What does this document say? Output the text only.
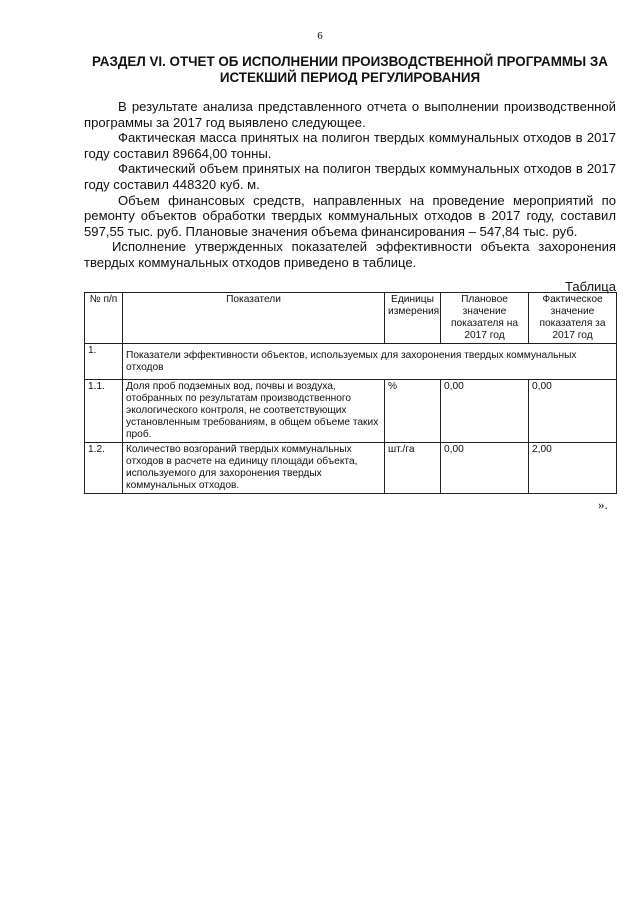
6
РАЗДЕЛ VI. ОТЧЕТ ОБ ИСПОЛНЕНИИ ПРОИЗВОДСТВЕННОЙ ПРОГРАММЫ ЗА ИСТЕКШИЙ ПЕРИОД РЕГУЛИРОВАНИЯ

В результате анализа представленного отчета о выполнении производственной программы за 2017 год выявлено следующее.

Фактическая масса принятых на полигон твердых коммунальных отходов в 2017 году составил 89664,00 тонны.

Фактический объем принятых на полигон твердых коммунальных отходов в 2017 году составил 448320 куб. м.

Объем финансовых средств, направленных на проведение мероприятий по ремонту объектов обработки твердых коммунальных отходов в 2017 году, составил 597,55 тыс. руб. Плановые значения объема финансирования – 547,84 тыс. руб.

Исполнение утвержденных показателей эффективности объекта захоронения твердых коммунальных отходов приведено в таблице.

Таблица
№ п/п	Показатели	Единицы измерения	Плановое значение показателя на 2017 год	Фактическое значение показателя за 2017 год
1.	Показатели эффективности объектов, используемых для захоронения твердых коммунальных отходов			
1.1.	Доля проб подземных вод, почвы и воздуха, отобранных по результатам производственного экологического контроля, не соответствующих установленным требованиям, в общем объеме таких проб.	%	0,00	0,00
1.2.	Количество возгораний твердых коммунальных отходов в расчете на единицу площади объекта, используемого для захоронения твердых коммунальных отходов.	шт./га	0,00	2,00
».
